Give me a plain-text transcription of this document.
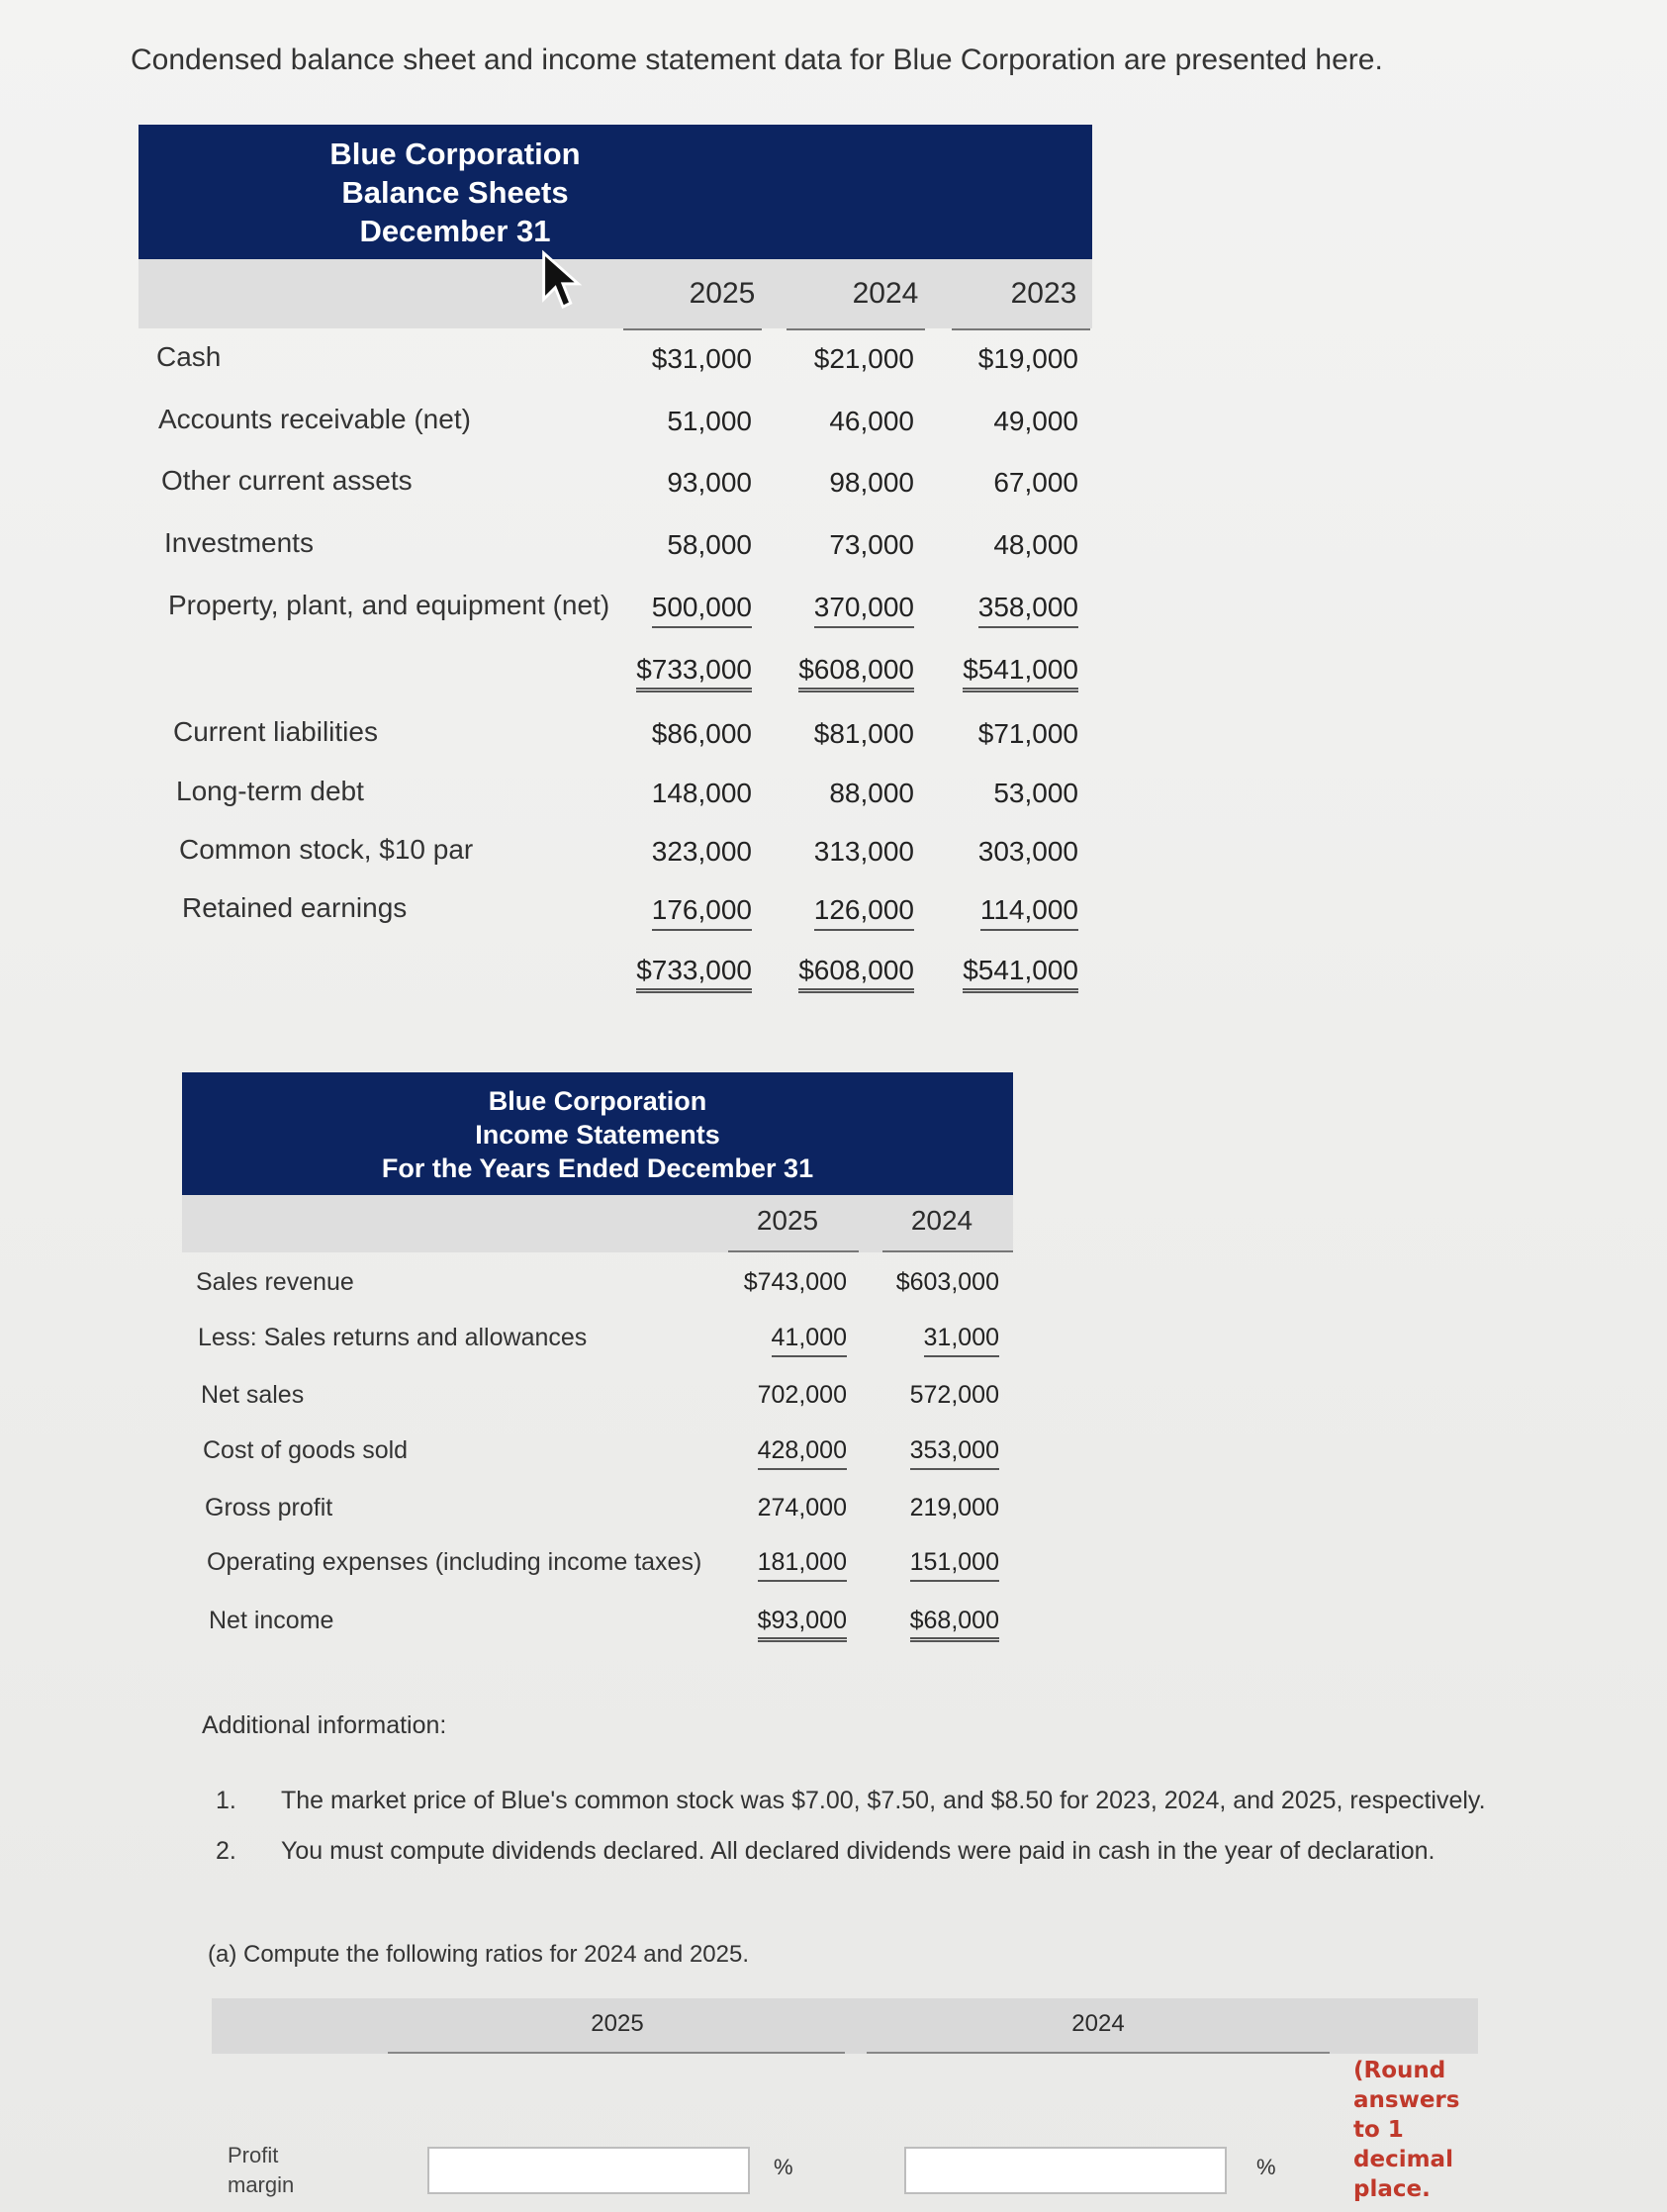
Condensed balance sheet and income statement data for Blue Corporation are presented here.
Blue Corporation
Balance Sheets
December 31
2025	2024	2023
Cash	$31,000 $21,000 $19,000
Accounts receivable (net)	51,000	46,000	49,000
Other current assets	93,000	98,000	67,000
Investments	58,000	73,000	48,000
Property, plant, and equipment (net) 500,000 370,000 358,000
$733,000 $608,000 $541,000
Current liabilities	$86,000 $81,000 $71,000
Long-term debt	148,000	88,000	53,000
Common stock, $10 par	323,000 313,000 303,000
Retained earnings	176,000 126,000 114,000
$733,000 $608,000 $541,000
Blue Corporation
Income Statements
For the Years Ended December 31
2025	2024
Sales revenue	$743,000 $603,000
Less: Sales returns and allowances	41,000	31,000
Net sales	702,000	572,000
Cost of goods sold	428,000	353,000
Gross profit	274,000	219,000
Operating expenses (including income taxes) 181,000	151,000
Net income	$93,000	$68,000
Additional information:
1. The market price of Blue's common stock was $7.00, $7.50, and $8.50 for 2023, 2024, and 2025, respectively.
2. You must compute dividends declared. All declared dividends were paid in cash in the year of declaration.
(a) Compute the following ratios for 2024 and 2025.
2025	2024
Profit
margin
%	%
(Round
answers
to 1
decimal
place.
